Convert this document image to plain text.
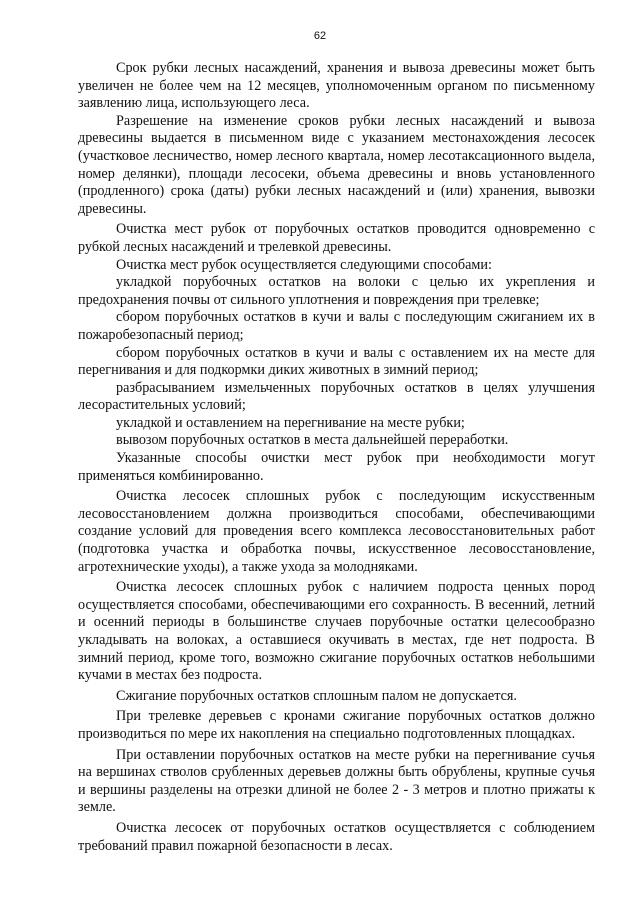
62

Срок рубки лесных насаждений, хранения и вывоза древесины может быть увеличен не более чем на 12 месяцев, уполномоченным органом по письменному заявлению лица, использующего леса.

Разрешение на изменение сроков рубки лесных насаждений и вывоза древесины выдается в письменном виде с указанием местонахождения лесосек (участковое лесничество, номер лесного квартала, номер лесотаксационного выдела, номер делянки), площади лесосеки, объема древесины и вновь установленного (продленного) срока (даты) рубки лесных насаждений и (или) хранения, вывозки древесины.

Очистка мест рубок от порубочных остатков проводится одновременно с рубкой лесных насаждений и трелевкой древесины.

Очистка мест рубок осуществляется следующими способами:

укладкой порубочных остатков на волоки с целью их укрепления и предохранения почвы от сильного уплотнения и повреждения при трелевке;

сбором порубочных остатков в кучи и валы с последующим сжиганием их в пожаробезопасный период;

сбором порубочных остатков в кучи и валы с оставлением их на месте для перегнивания и для подкормки диких животных в зимний период;

разбрасыванием измельченных порубочных остатков в целях улучшения лесорастительных условий;

укладкой и оставлением на перегнивание на месте рубки;

вывозом порубочных остатков в места дальнейшей переработки.

Указанные способы очистки мест рубок при необходимости могут применяться комбинированно.

Очистка лесосек сплошных рубок с последующим искусственным лесовосстановлением должна производиться способами, обеспечивающими создание условий для проведения всего комплекса лесовосстановительных работ (подготовка участка и обработка почвы, искусственное лесовосстановление, агротехнические уходы), а также ухода за молодняками.

Очистка лесосек сплошных рубок с наличием подроста ценных пород осуществляется способами, обеспечивающими его сохранность. В весенний, летний и осенний периоды в большинстве случаев порубочные остатки целесообразно укладывать на волоках, а оставшиеся окучивать в местах, где нет подроста. В зимний период, кроме того, возможно сжигание порубочных остатков небольшими кучами в местах без подроста.

Сжигание порубочных остатков сплошным палом не допускается.

При трелевке деревьев с кронами сжигание порубочных остатков должно производиться по мере их накопления на специально подготовленных площадках.

При оставлении порубочных остатков на месте рубки на перегнивание сучья на вершинах стволов срубленных деревьев должны быть обрублены, крупные сучья и вершины разделены на отрезки длиной не более 2 - 3 метров и плотно прижаты к земле.

Очистка лесосек от порубочных остатков осуществляется с соблюдением требований правил пожарной безопасности в лесах.
